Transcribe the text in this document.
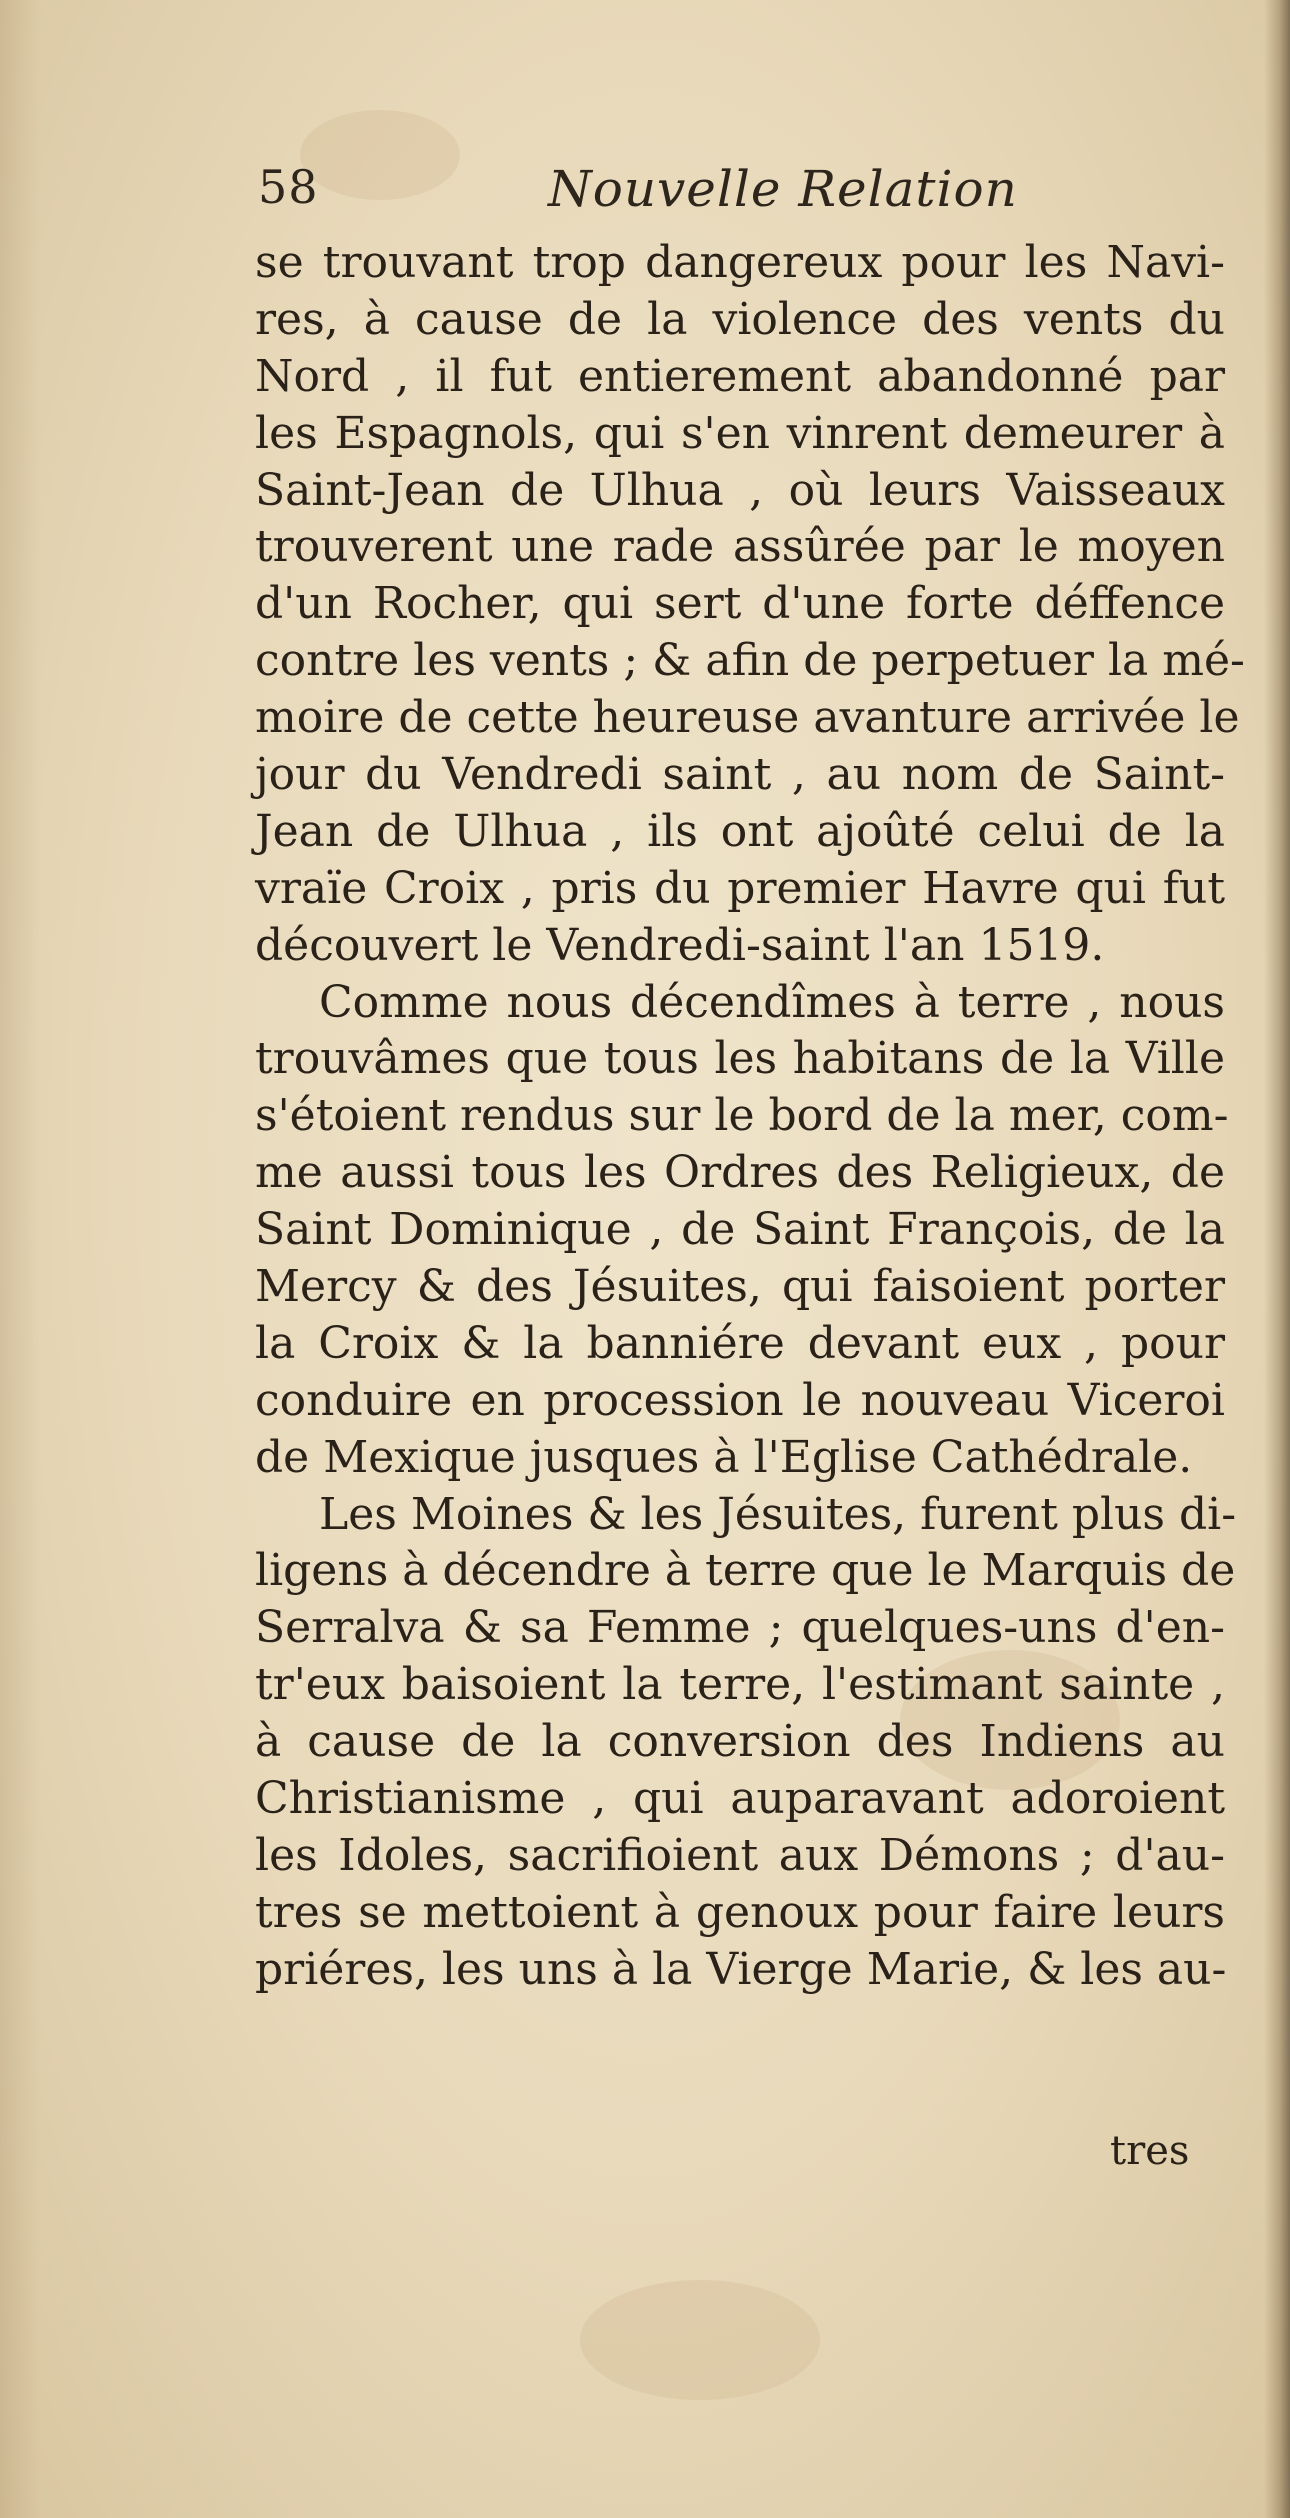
58	Nouvelle Relation
se trouvant trop dangereux pour les Navi-
res, à cause de la violence des vents du
Nord , il fut entierement abandonné par
les Espagnols, qui s'en vinrent demeurer à
Saint-Jean de Ulhua , où leurs Vaisseaux
trouverent une rade assûrée par le moyen
d'un Rocher, qui sert d'une forte déffence
contre les vents ; & afin de perpetuer la mé-
moire de cette heureuse avanture arrivée le
jour du Vendredi saint , au nom de Saint-
Jean de Ulhua , ils ont ajoûté celui de la
vraïe Croix , pris du premier Havre qui fut
découvert le Vendredi-saint l'an 1519.
Comme nous décendîmes à terre , nous
trouvâmes que tous les habitans de la Ville
s'étoient rendus sur le bord de la mer, com-
me aussi tous les Ordres des Religieux, de
Saint Dominique , de Saint François, de la
Mercy & des Jésuites, qui faisoient porter
la Croix & la banniére devant eux , pour
conduire en procession le nouveau Viceroi
de Mexique jusques à l'Eglise Cathédrale.
Les Moines & les Jésuites, furent plus di-
ligens à décendre à terre que le Marquis de
Serralva & sa Femme ; quelques-uns d'en-
tr'eux baisoient la terre, l'estimant sainte ,
à cause de la conversion des Indiens au
Christianisme , qui auparavant adoroient
les Idoles, sacrifioient aux Démons ; d'au-
tres se mettoient à genoux pour faire leurs
priéres, les uns à la Vierge Marie, & les au-
tres
